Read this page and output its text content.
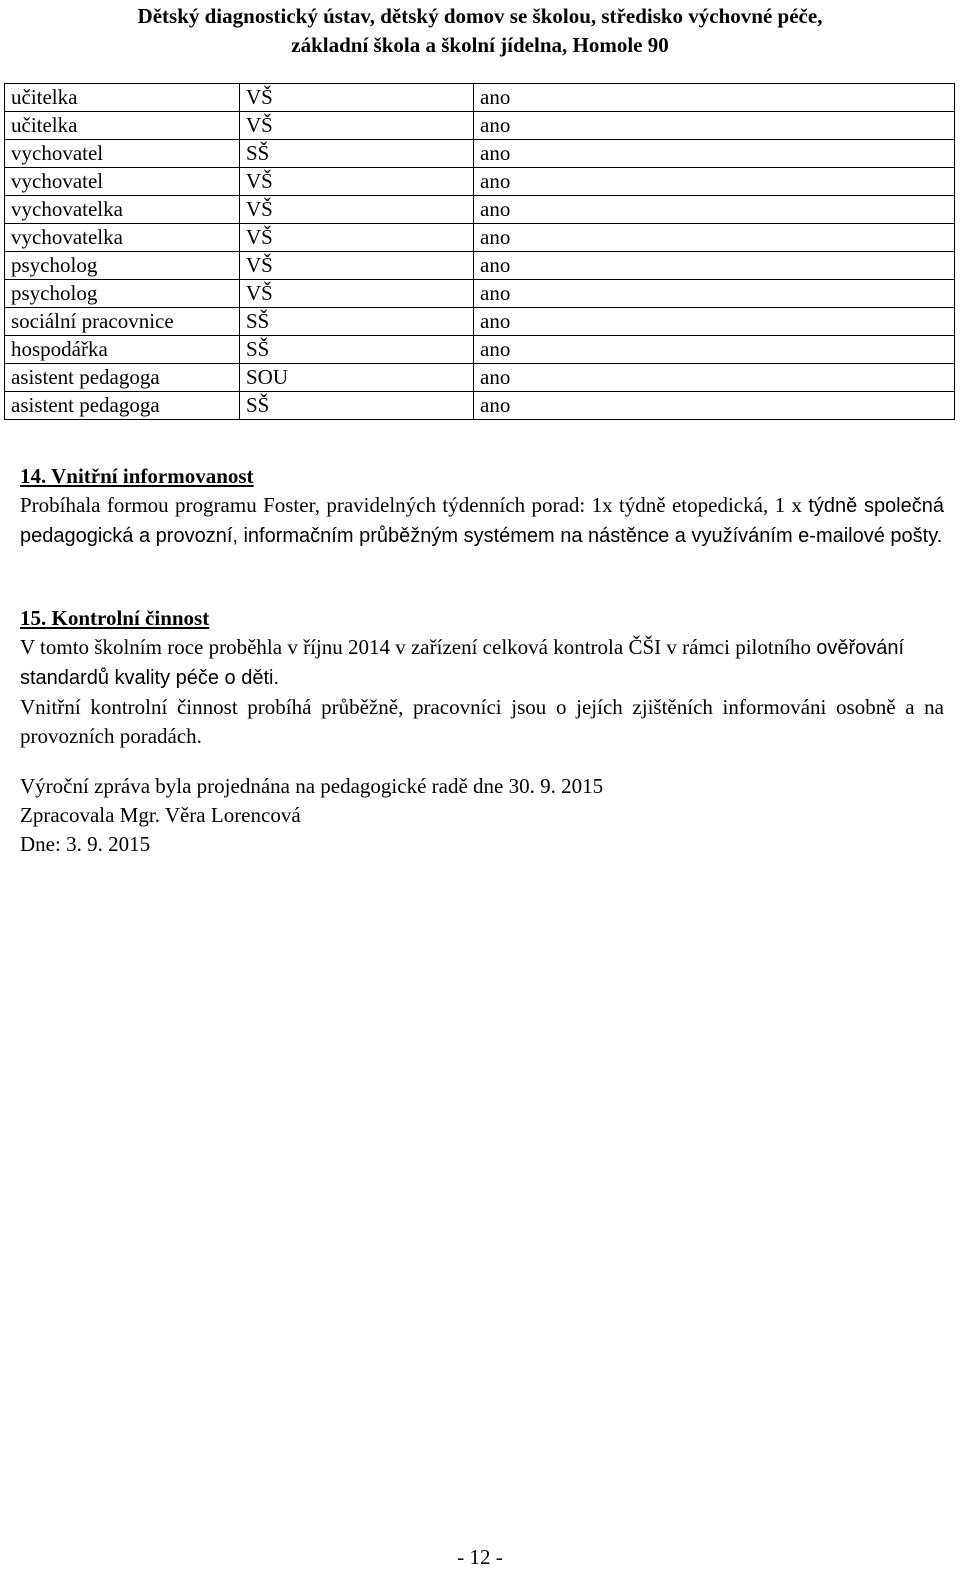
Dětský diagnostický ústav, dětský domov se školou, středisko výchovné péče,
základní škola a školní jídelna, Homole 90
učitelka	VŠ	ano
učitelka	VŠ	ano
vychovatel	SŠ	ano
vychovatel	VŠ	ano
vychovatelka	VŠ	ano
vychovatelka	VŠ	ano
psycholog	VŠ	ano
psycholog	VŠ	ano
sociální pracovnice	SŠ	ano
hospodářka	SŠ	ano
asistent pedagoga	SOU	ano
asistent pedagoga	SŠ	ano
14. Vnitřní informovanost
Probíhala formou programu Foster, pravidelných týdenních porad: 1x týdně etopedická, 1 x týdně společná pedagogická a provozní, informačním průběžným systémem na nástěnce a využíváním e-mailové pošty.
15. Kontrolní činnost
V tomto školním roce proběhla v říjnu 2014 v zařízení celková kontrola ČŠI v rámci pilotního ověřování standardů kvality péče o děti.
Vnitřní kontrolní činnost probíhá průběžně, pracovníci jsou o jejích zjištěních informováni osobně a na provozních poradách.
Výroční zpráva byla projednána na pedagogické radě dne 30. 9. 2015
Zpracovala Mgr. Věra Lorencová
Dne: 3. 9. 2015
- 12 -
